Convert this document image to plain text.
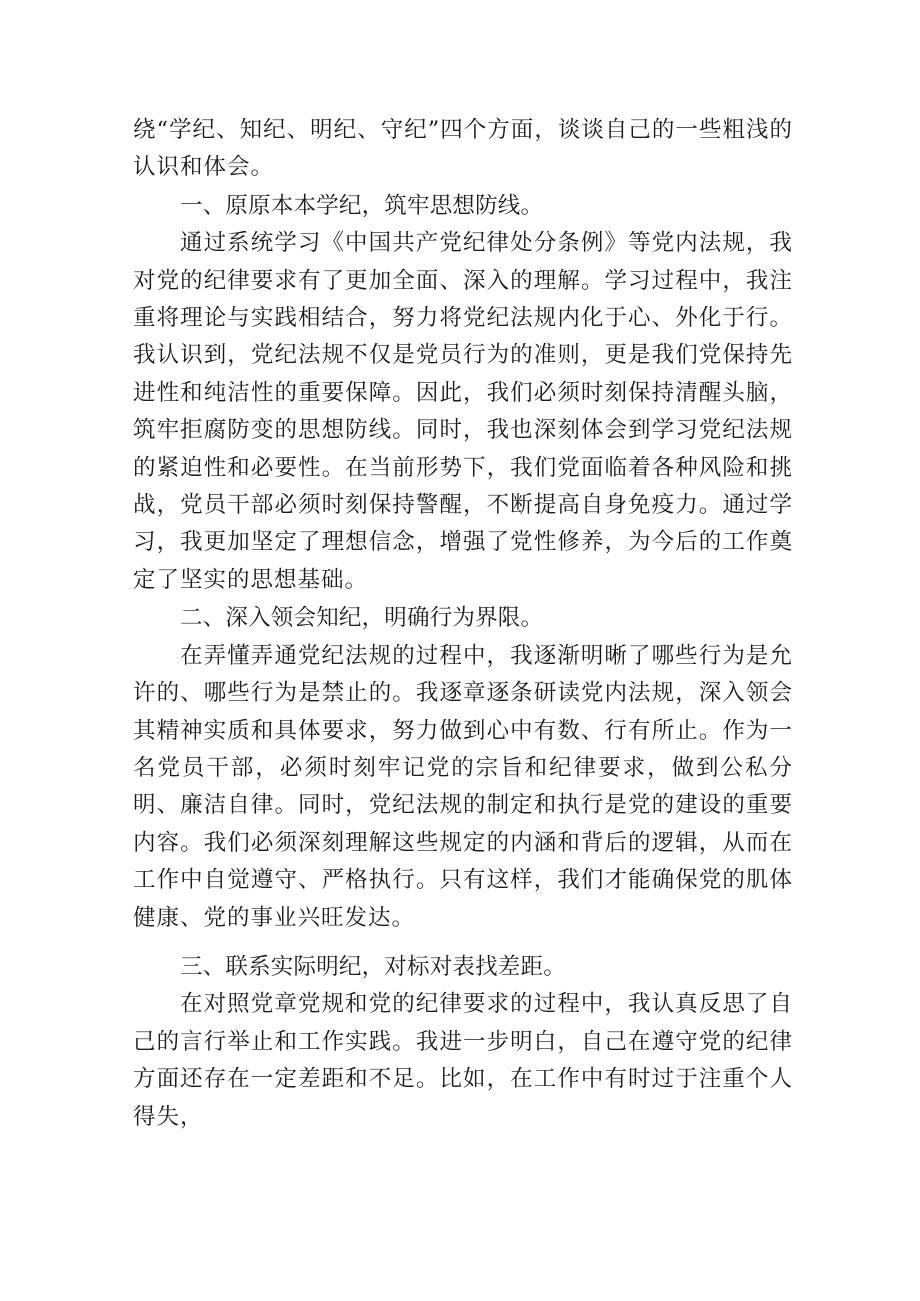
绕“学纪、知纪、明纪、守纪”四个方面，谈谈自己的一些粗浅的认识和体会。

一、原原本本学纪，筑牢思想防线。

通过系统学习《中国共产党纪律处分条例》等党内法规，我对党的纪律要求有了更加全面、深入的理解。学习过程中，我注重将理论与实践相结合，努力将党纪法规内化于心、外化于行。我认识到，党纪法规不仅是党员行为的准则，更是我们党保持先进性和纯洁性的重要保障。因此，我们必须时刻保持清醒头脑，筑牢拒腐防变的思想防线。同时，我也深刻体会到学习党纪法规的紧迫性和必要性。在当前形势下，我们党面临着各种风险和挑战，党员干部必须时刻保持警醒，不断提高自身免疫力。通过学习，我更加坚定了理想信念，增强了党性修养，为今后的工作奠定了坚实的思想基础。

二、深入领会知纪，明确行为界限。

在弄懂弄通党纪法规的过程中，我逐渐明晰了哪些行为是允许的、哪些行为是禁止的。我逐章逐条研读党内法规，深入领会其精神实质和具体要求，努力做到心中有数、行有所止。作为一名党员干部，必须时刻牢记党的宗旨和纪律要求，做到公私分明、廉洁自律。同时，党纪法规的制定和执行是党的建设的重要内容。我们必须深刻理解这些规定的内涵和背后的逻辑，从而在工作中自觉遵守、严格执行。只有这样，我们才能确保党的肌体健康、党的事业兴旺发达。

三、联系实际明纪，对标对表找差距。

在对照党章党规和党的纪律要求的过程中，我认真反思了自己的言行举止和工作实践。我进一步明白，自己在遵守党的纪律方面还存在一定差距和不足。比如，在工作中有时过于注重个人得失，
